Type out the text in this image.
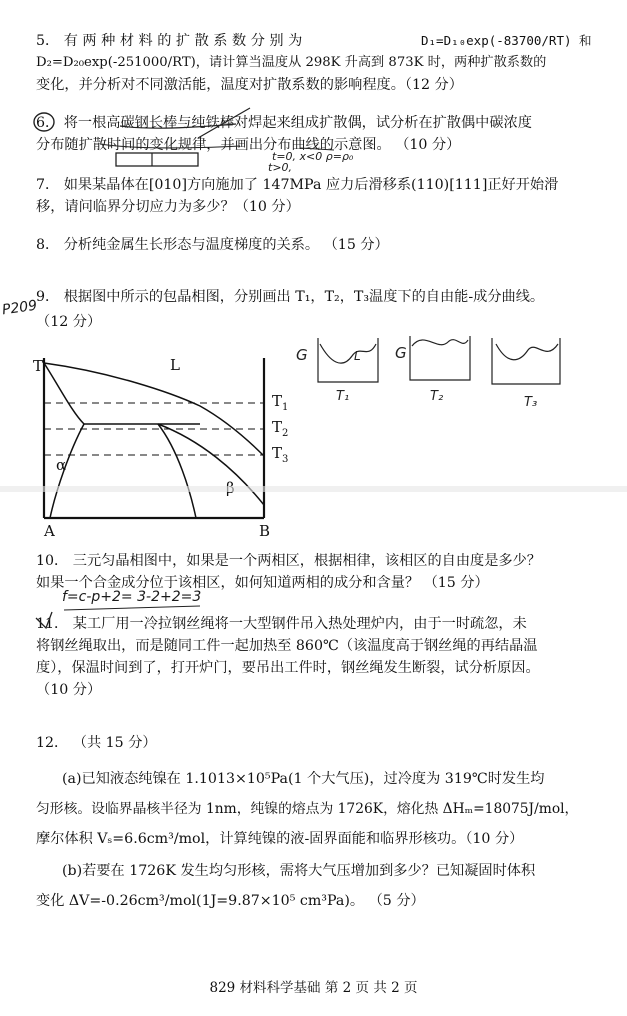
5． 有 两 种 材 料 的 扩 散 系 数 分 别 为	D₁=D₁₀exp(-83700/RT) 和
D₂=D₂₀exp(-251000/RT)，请计算当温度从 298K 升高到 873K 时，两种扩散系数的
变化，并分析对不同激活能，温度对扩散系数的影响程度。（12 分）
6． 将一根高碳钢长棒与纯铁棒对焊起来组成扩散偶，试分析在扩散偶中碳浓度
分布随扩散时间的变化规律，并画出分布曲线的示意图。 （10 分）
t=0, x<0 ρ=ρ₀
t>0,
7． 如果某晶体在[010]方向施加了 147MPa 应力后滑移系(110)[111]正好开始滑
移，请问临界分切应力为多少？（10 分）
8． 分析纯金属生长形态与温度梯度的关系。 （15 分）
9． 根据图中所示的包晶相图，分别画出 T₁，T₂，T₃温度下的自由能-成分曲线。
（12 分）
P209
10． 三元匀晶相图中，如果是一个两相区，根据相律，该相区的自由度是多少？
如果一个合金成分位于该相区，如何知道两相的成分和含量？ （15 分）
f=c-p+2= 3-2+2=3
11． 某工厂用一冷拉钢丝绳将一大型钢件吊入热处理炉内，由于一时疏忽，未
将钢丝绳取出，而是随同工件一起加热至 860℃（该温度高于钢丝绳的再结晶温
度），保温时间到了，打开炉门，要吊出工件时，钢丝绳发生断裂，试分析原因。
（10 分）
12． （共 15 分）
(a)已知液态纯镍在 1.1013×10⁵Pa(1 个大气压)，过冷度为 319℃时发生均
匀形核。设临界晶核半径为 1nm，纯镍的熔点为 1726K，熔化热 ΔHₘ=18075J/mol，
摩尔体积 Vₛ=6.6cm³/mol，计算纯镍的液-固界面能和临界形核功。（10 分）
(b)若要在 1726K 发生均匀形核，需将大气压增加到多少？已知凝固时体积
变化 ΔV=-0.26cm³/mol(1J=9.87×10⁵ cm³Pa)。 （5 分）
829 材料科学基础 第 2 页 共 2 页
T	L
T 1
T 2
T 3
α
A	B
G	G
L
T₁	T₂	T₃
